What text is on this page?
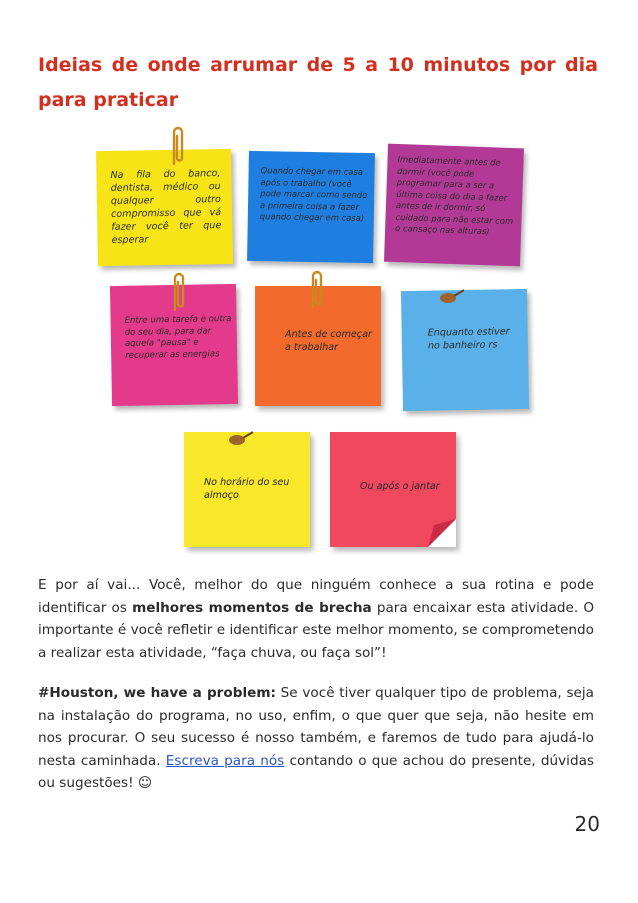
Ideias de onde arrumar de 5 a 10 minutos por dia para praticar
Na fila do banco, dentista, médico ou qualquer outro compromisso que vá fazer você ter que esperar
Quando chegar em casa após o trabalho (você pode marcar como sendo a primeira coisa a fazer quando chegar em casa)
Imediatamente antes de dormir (você pode programar para a ser a última coisa do dia a fazer antes de ir dormir, só cuidado para não estar com o cansaço nas alturas)
Entre uma tarefa e outra do seu dia, para dar aquela "pausa" e recuperar as energias
Antes de começar a trabalhar
Enquanto estiver no banheiro rs
No horário do seu almoço
Ou após o jantar

E por aí vai... Você, melhor do que ninguém conhece a sua rotina e pode identificar os melhores momentos de brecha para encaixar esta atividade. O importante é você refletir e identificar este melhor momento, se comprometendo a realizar esta atividade, “faça chuva, ou faça sol”!

#Houston, we have a problem: Se você tiver qualquer tipo de problema, seja na instalação do programa, no uso, enfim, o que quer que seja, não hesite em nos procurar. O seu sucesso é nosso também, e faremos de tudo para ajudá-lo nesta caminhada. Escreva para nós contando o que achou do presente, dúvidas ou sugestões! ☺

20
